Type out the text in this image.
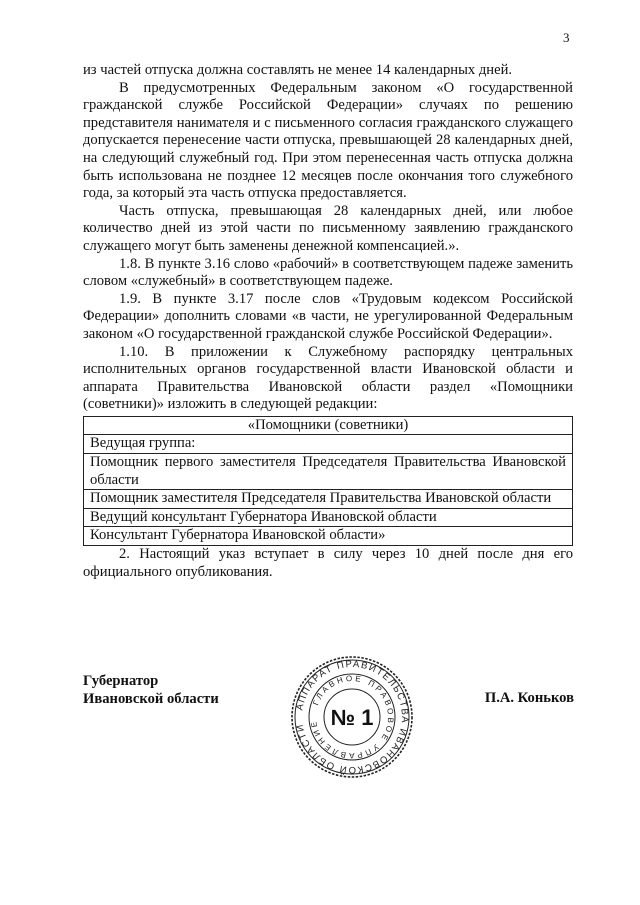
3

из частей отпуска должна составлять не менее 14 календарных дней.

В предусмотренных Федеральным законом «О государственной гражданской службе Российской Федерации» случаях по решению представителя нанимателя и с письменного согласия гражданского служащего допускается перенесение части отпуска, превышающей 28 календарных дней, на следующий служебный год. При этом перенесенная часть отпуска должна быть использована не позднее 12 месяцев после окончания того служебного года, за который эта часть отпуска предоставляется.

Часть отпуска, превышающая 28 календарных дней, или любое количество дней из этой части по письменному заявлению гражданского служащего могут быть заменены денежной компенсацией.».

1.8. В пункте 3.16 слово «рабочий» в соответствующем падеже заменить словом «служебный» в соответствующем падеже.

1.9. В пункте 3.17 после слов «Трудовым кодексом Российской Федерации» дополнить словами «в части, не урегулированной Федеральным законом «О государственной гражданской службе Российской Федерации».

1.10. В приложении к Служебному распорядку центральных исполнительных органов государственной власти Ивановской области и аппарата Правительства Ивановской области раздел «Помощники (советники)» изложить в следующей редакции:

«Помощники (советники)
Ведущая группа:
Помощник первого заместителя Председателя Правительства Ивановской области
Помощник заместителя Председателя Правительства Ивановской области
Ведущий консультант Губернатора Ивановской области
Консультант Губернатора Ивановской области»

2. Настоящий указ вступает в силу через 10 дней после дня его официального опубликования.

Губернатор
Ивановской области	П.А. Коньков
АППАРАТ ПРАВИТЕЛЬСТВА ИВАНОВСКОЙ ОБЛАСТИ
ГЛАВНОЕ ПРАВОВОЕ УПРАВЛЕНИЕ № 1
